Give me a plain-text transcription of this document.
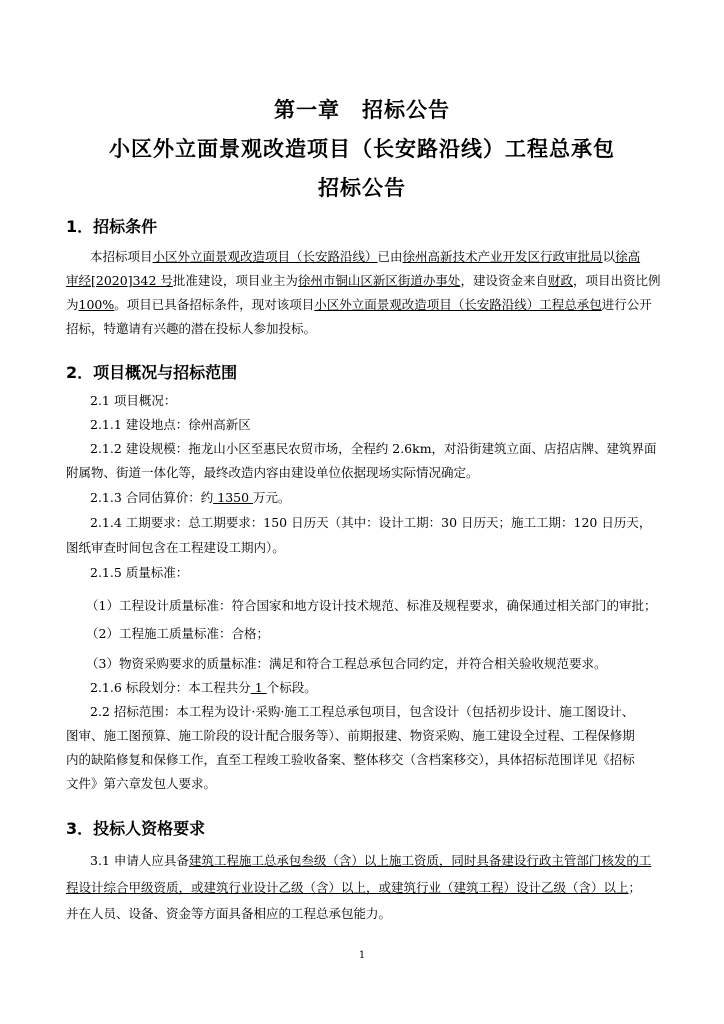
第一章　招标公告
小区外立面景观改造项目（长安路沿线）工程总承包
招标公告
1．招标条件
本招标项目小区外立面景观改造项目（长安路沿线）已由徐州高新技术产业开发区行政审批局以徐高
审经[2020]342 号批准建设，项目业主为徐州市铜山区新区街道办事处，建设资金来自财政，项目出资比例
为100%。项目已具备招标条件，现对该项目小区外立面景观改造项目（长安路沿线）工程总承包进行公开
招标，特邀请有兴趣的潜在投标人参加投标。
2．项目概况与招标范围
2.1 项目概况：
2.1.1 建设地点：徐州高新区
2.1.2 建设规模：拖龙山小区至惠民农贸市场，全程约 2.6km，对沿街建筑立面、店招店牌、建筑界面
附属物、街道一体化等，最终改造内容由建设单位依据现场实际情况确定。
2.1.3 合同估算价：约 1350 万元。
2.1.4 工期要求：总工期要求：150 日历天（其中：设计工期：30 日历天；施工工期：120 日历天，
图纸审查时间包含在工程建设工期内）。
2.1.5 质量标准：
（1）工程设计质量标准：符合国家和地方设计技术规范、标准及规程要求，确保通过相关部门的审批；
（2）工程施工质量标准：合格；
（3）物资采购要求的质量标准：满足和符合工程总承包合同约定，并符合相关验收规范要求。
2.1.6 标段划分：本工程共分 1 个标段。
2.2 招标范围：本工程为设计·采购·施工工程总承包项目，包含设计（包括初步设计、施工图设计、
图审、施工图预算、施工阶段的设计配合服务等）、前期报建、物资采购、施工建设全过程、工程保修期
内的缺陷修复和保修工作，直至工程竣工验收备案、整体移交（含档案移交），具体招标范围详见《招标
文件》第六章发包人要求。
3．投标人资格要求
3.1 申请人应具备建筑工程施工总承包叁级（含）以上施工资质，同时具备建设行政主管部门核发的工
程设计综合甲级资质，或建筑行业设计乙级（含）以上，或建筑行业（建筑工程）设计乙级（含）以上；
并在人员、设备、资金等方面具备相应的工程总承包能力。
1
